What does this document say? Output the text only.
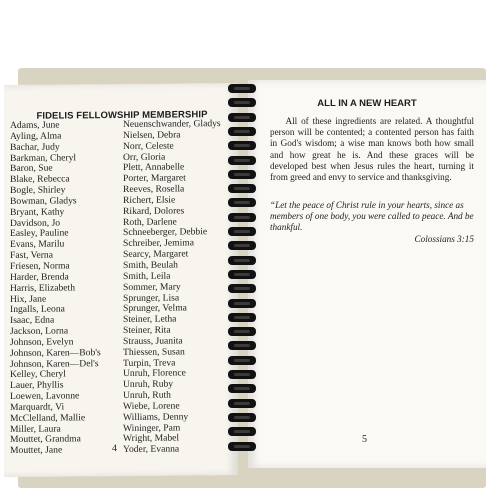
FIDELIS FELLOWSHIP MEMBERSHIP
Adams, June
Ayling, Alma
Bachar, Judy
Barkman, Cheryl
Baron, Sue
Blake, Rebecca
Bogle, Shirley
Bowman, Gladys
Bryant, Kathy
Davidson, Jo
Easley, Pauline
Evans, Marilu
Fast, Verna
Friesen, Norma
Harder, Brenda
Harris, Elizabeth
Hix, Jane
Ingalls, Leona
Isaac, Edna
Jackson, Lorna
Johnson, Evelyn
Johnson, Karen—Bob's
Johnson, Karen—Del's
Kelley, Cheryl
Lauer, Phyllis
Loewen, Lavonne
Marquardt, Vi
McClelland, Mallie
Miller, Laura
Mouttet, Grandma
Mouttet, Jane
Neuenschwander, Gladys
Nielsen, Debra
Norr, Celeste
Orr, Gloria
Plett, Annabelle
Porter, Margaret
Reeves, Rosella
Richert, Elsie
Rikard, Dolores
Roth, Darlene
Schneeberger, Debbie
Schreiber, Jemima
Searcy, Margaret
Smith, Beulah
Smith, Leila
Sommer, Mary
Sprunger, Lisa
Sprunger, Velma
Steiner, Letha
Steiner, Rita
Strauss, Juanita
Thiessen, Susan
Turpin, Treva
Unruh, Florence
Unruh, Ruby
Unruh, Ruth
Wiebe, Lorene
Williams, Denny
Wininger, Pam
Wright, Mabel
Yoder, Evanna
4
ALL IN A NEW HEART
All of these ingredients are related. A thoughtful person will be contented; a contented person has faith in God's wisdom; a wise man knows both how small and how great he is. And these graces will be developed best when Jesus rules the heart, turning it from greed and envy to service and thanksgiving.
“Let the peace of Christ rule in your hearts, since as members of one body, you were called to peace. And be thankful.
Colossians 3:15

5
